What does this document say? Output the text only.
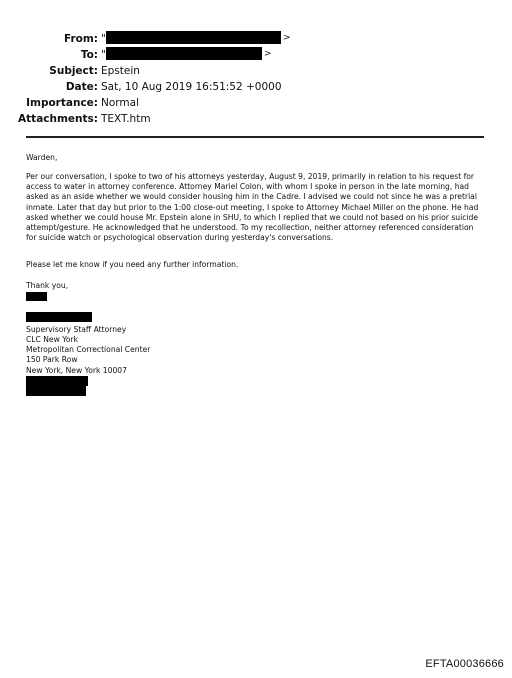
From: "	>
To: "	>
Subject: Epstein
Date: Sat, 10 Aug 2019 16:51:52 +0000
Importance: Normal
Attachments: TEXT.htm

Warden,

Per our conversation, I spoke to two of his attorneys yesterday, August 9, 2019, primarily in relation to his request for access to water in attorney conference. Attorney Mariel Colon, with whom I spoke in person in the late morning, had asked as an aside whether we would consider housing him in the Cadre. I advised we could not since he was a pretrial inmate. Later that day but prior to the 1:00 close-out meeting, I spoke to Attorney Michael Miller on the phone. He had asked whether we could house Mr. Epstein alone in SHU, to which I replied that we could not based on his prior suicide attempt/gesture. He acknowledged that he understood. To my recollection, neither attorney referenced consideration for suicide watch or psychological observation during yesterday's conversations.

Please let me know if you need any further information.

Thank you,

Supervisory Staff Attorney
CLC New York
Metropolitan Correctional Center
150 Park Row
New York, New York 10007
EFTA00036666
